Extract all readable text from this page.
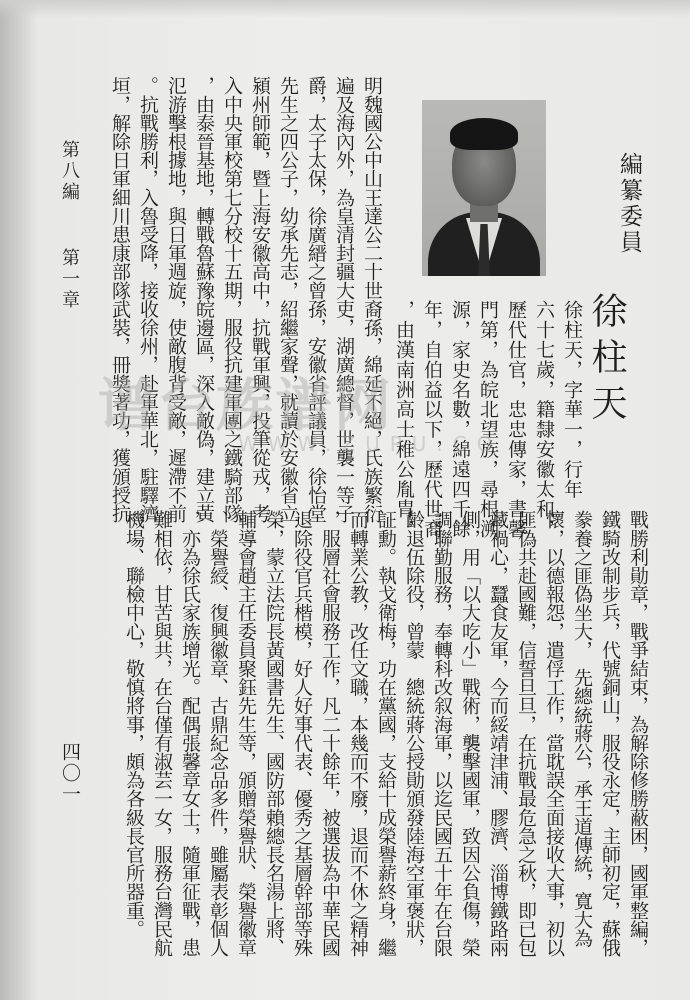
編纂委員
徐柱天
徐柱天，字華一，行年
六十七歲，籍隸安徽太和，
歷代仕官，忠忠傳家，書馨
門第，為皖北望族，尋根溯
源，家史名數，綿遠四千餘
年，自伯益以下，歷代世裔
，由漢南洲高士稚公胤胄，
明魏國公中山王達公二十世裔孫，綿延不絕，氏族繁衍
遍及海內外，為皇清封疆大吏，湖廣總督，世襲一等子
爵，太子太保，徐廣縉之曾孫，安徽省評議員，徐怡堂
先生之四公子，幼承先志，紹繼家聲，就讀於安徽省立
潁州師範，暨上海安徽高中，抗戰軍興，投筆從戎，考
入中央軍校第七分校十五期，服役抗建軍團之鐵騎部隊
，由泰晉基地，轉戰魯蘇豫皖邊區，深入敵偽，建立黃
氾游擊根據地，與日軍週旋，使敵腹背受敵，遲滯不前
。抗戰勝利，入魯受降，接收徐州，赴軍華北，駐驛濟
垣，解除日軍細川患康部隊武裝，冊獎著功，獲頒授抗
第八編
第一章
戰勝利勛章，戰爭結束，為解除修勝蔽困，國軍整編，
鐵騎改制步兵，代號銅山，服役永定，主師初定，蘇俄
豢養之匪偽坐大，　先總統蔣公，承王道傳統，寬大為
懷，以德報怨，遣俘工作，當耽誤全面接收大事，初以
匪偽共赴國難，信誓旦旦，在抗戰最危急之秋，即已包
藏禍心，蠶食友軍，今而綏靖津浦、膠濟、淄博鐵路兩
側，用「以大吃小」戰術，襲擊國軍，致因公負傷，榮
調聯勤服務，奉轉科改叙海軍，以迄民國五十年在台限
齡退伍除役，曾蒙　總統蔣公授勛頒發陸海空軍褒狀，
証勳。執戈衛梅，功在黨國，支給十成榮譽薪終身，繼
而轉業公教，改任文職，本幾而不廢，退而不休之精神
，服層社會服務工作，凡二十餘年，被選拔為中華民國
退除役官兵楷模，好人好事代表、優秀之基層幹部等殊
榮，蒙立法院長黃國書先生、國防部賴總長名湯上將、
輔導會趙主任委員聚鈺先生等，頒贈榮譽狀、榮譽徽章
、榮譽綬、復興徽章、古鼎紀念品多件，雖屬表彰個人
，亦為徐氏家族增光。配偶張馨章女士，隨軍征戰，患
難相依，甘苦與共，在台僅有淑芸一女，服務台灣民航
機場、聯檢中心，敬慎將事，頗為各級長官所器重。
四〇一
谱台族谱网
WWW.ZUPU.CO
